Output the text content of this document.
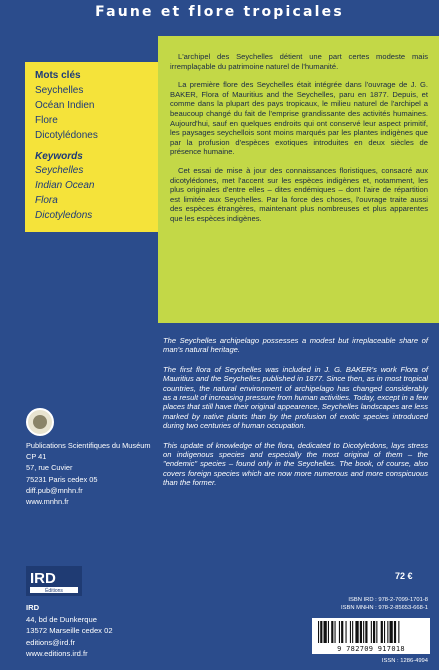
Faune et flore tropicales
Mots clés
Seychelles
Océan Indien
Flore
Dicotylédones
Keywords
Seychelles
Indian Ocean
Flora
Dicotyledons

L'archipel des Seychelles détient une part certes modeste mais irremplaçable du patrimoine naturel de l'humanité.

La première flore des Seychelles était intégrée dans l'ouvrage de J. G. BAKER, Flora of Mauritius and the Seychelles, paru en 1877. Depuis, et comme dans la plupart des pays tropicaux, le milieu naturel de l'archipel a beaucoup changé du fait de l'emprise grandissante des activités humaines. Aujourd'hui, sauf en quelques endroits qui ont conservé leur aspect primitif, les paysages seychellois sont moins marqués par les plantes indigènes que par la profusion d'espèces exotiques introduites en deux siècles de présence humaine.

Cet essai de mise à jour des connaissances floristiques, consacré aux dicotylédones, met l'accent sur les espèces indigènes et, notamment, les plus originales d'entre elles – dites endémiques – dont l'aire de répartition est limitée aux Seychelles. Par la force des choses, l'ouvrage traite aussi des espèces étrangères, maintenant plus nombreuses et plus apparentes que les espèces indigènes.

The Seychelles archipelago possesses a modest but irreplaceable share of man's natural heritage.

The first flora of Seychelles was included in J. G. BAKER's work Flora of Mauritius and the Seychelles published in 1877. Since then, as in most tropical countries, the natural environment of archipelago has changed considerably as a result of increasing pressure from human activities. Today, except in a few places that still have their original appearence, Seychelles landscapes are less marked by native plants than by the profusion of exotic species introduced during two centuries of human occupation.

This update of knowledge of the flora, dedicated to Dicotyledons, lays stress on indigenous species and especially the most original of them – the "endemic" species – found only in the Seychelles. The book, of course, also covers foreign species which are now more numerous and more conspicuous than the former.

Publications Scientifiques du Muséum
CP 41
57, rue Cuvier
75231 Paris cedex 05
diff.pub@mnhn.fr
www.mnhn.fr
IRD
Éditions
IRD
44, bd de Dunkerque
13572 Marseille cedex 02
editions@ird.fr
www.editions.ird.fr
72 €
ISBN IRD : 978-2-7099-1701-8
ISBN MNHN : 978-2-85653-668-1
9 782709 917018
ISSN : 1286-4994
